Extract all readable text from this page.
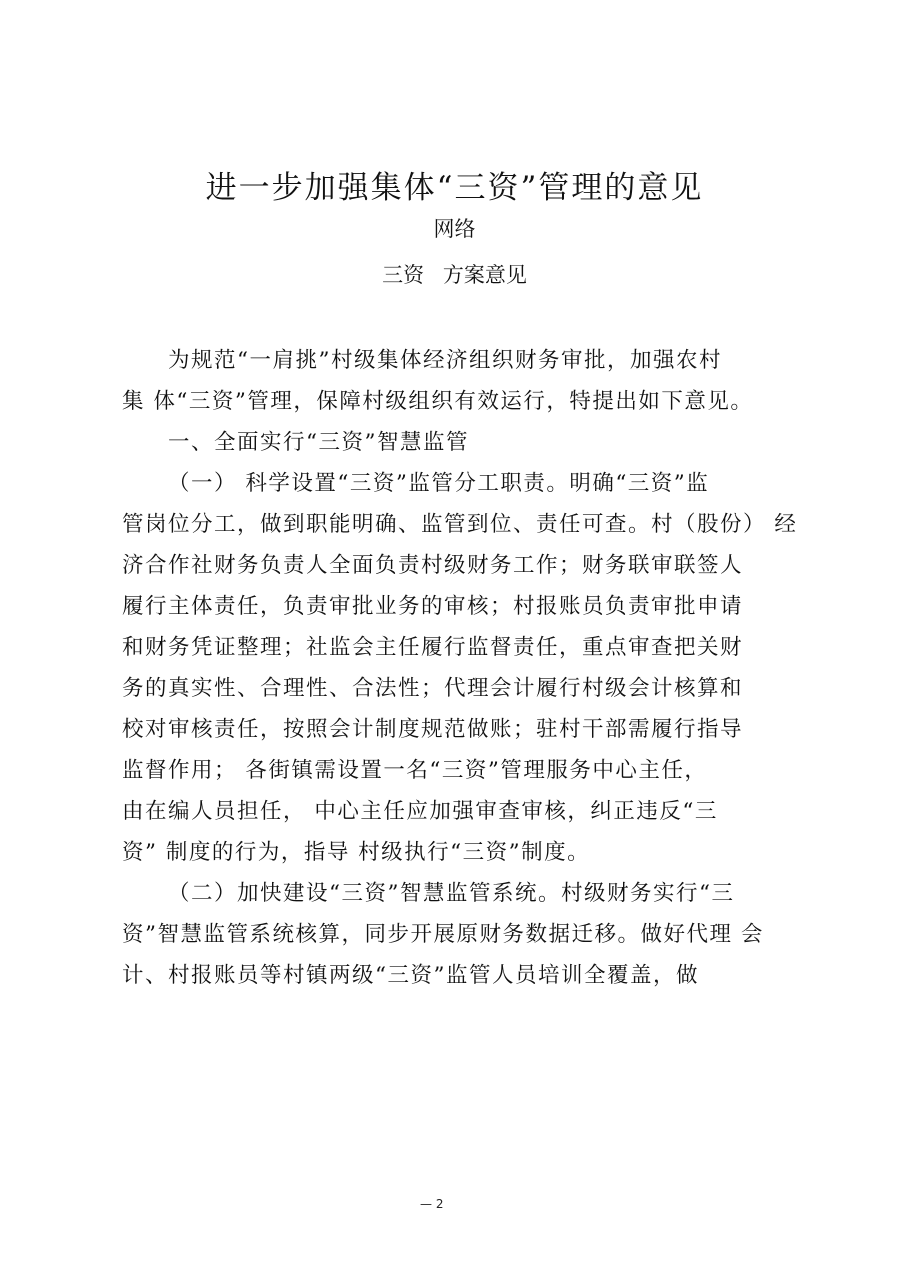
进一步加强集体“三资”管理的意见
网络
三资 方案意见
为规范“一肩挑”村级集体经济组织财务审批，加强农村
集 体“三资”管理，保障村级组织有效运行，特提出如下意见。
一、全面实行“三资”智慧监管
（一） 科学设置“三资”监管分工职责。明确“三资”监
管岗位分工，做到职能明确、监管到位、责任可查。村（股份） 经
济合作社财务负责人全面负责村级财务工作；财务联审联签人
履行主体责任，负责审批业务的审核；村报账员负责审批申请
和财务凭证整理；社监会主任履行监督责任，重点审查把关财
务的真实性、合理性、合法性；代理会计履行村级会计核算和
校对审核责任，按照会计制度规范做账；驻村干部需履行指导
监督作用； 各街镇需设置一名“三资”管理服务中心主任，
由在编人员担任， 中心主任应加强审查审核，纠正违反“三
资” 制度的行为，指导 村级执行“三资”制度。
（二）加快建设“三资”智慧监管系统。村级财务实行“三
资”智慧监管系统核算，同步开展原财务数据迁移。做好代理 会
计、村报账员等村镇两级“三资”监管人员培训全覆盖，做
— 2
